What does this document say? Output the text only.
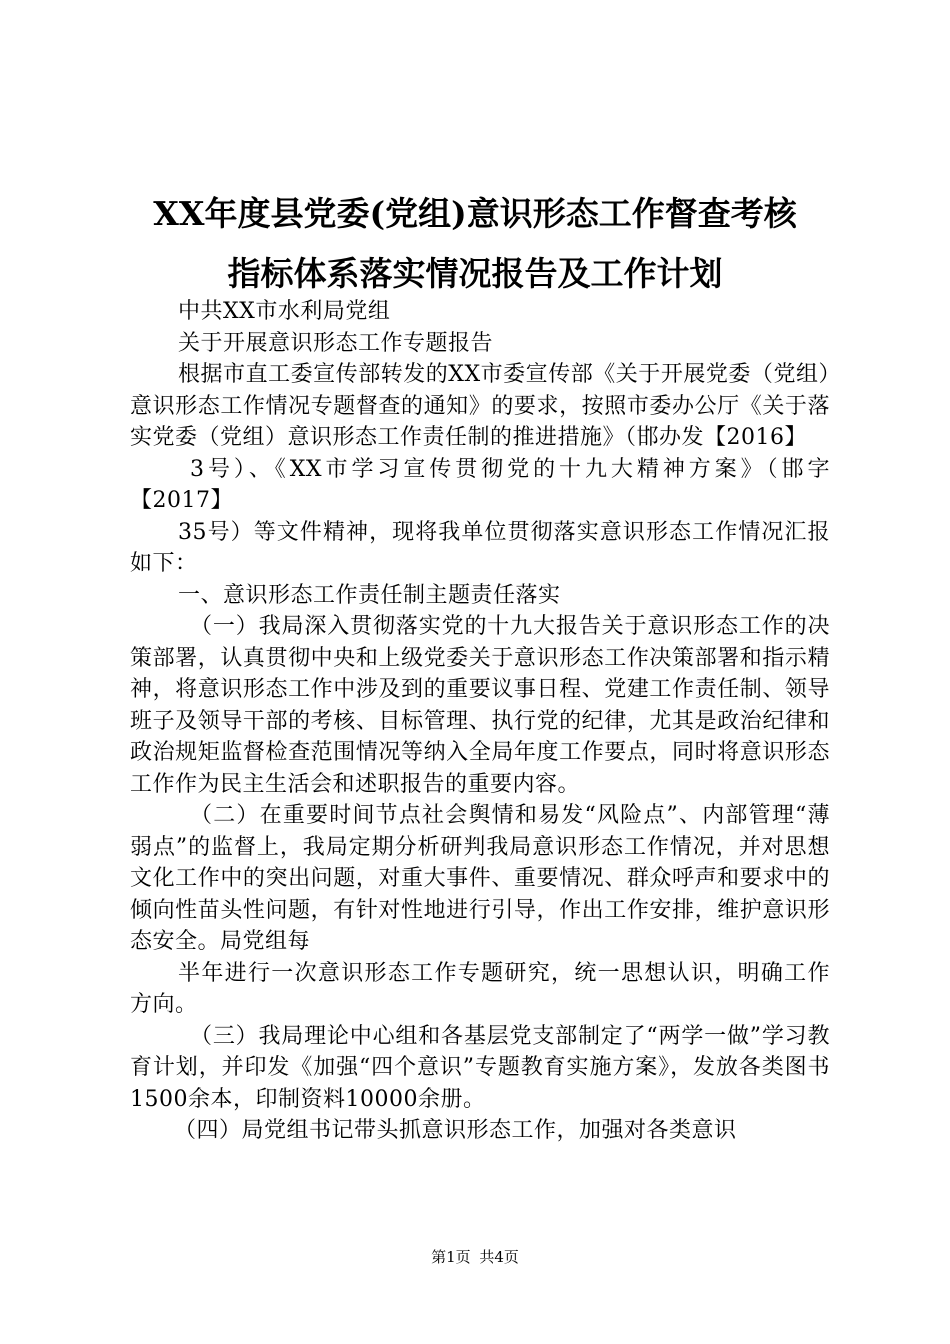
XX年度县党委(党组)意识形态工作督查考核
指标体系落实情况报告及工作计划

中共XX市水利局党组

关于开展意识形态工作专题报告

根据市直工委宣传部转发的XX市委宣传部《关于开展党委（党组）意识形态工作情况专题督查的通知》的要求，按照市委办公厅《关于落实党委（党组）意识形态工作责任制的推进措施》（邯办发【2016】

3号）、《XX市学习宣传贯彻党的十九大精神方案》（邯字【2017】

35号）等文件精神，现将我单位贯彻落实意识形态工作情况汇报如下：

一、意识形态工作责任制主题责任落实

（一）我局深入贯彻落实党的十九大报告关于意识形态工作的决策部署，认真贯彻中央和上级党委关于意识形态工作决策部署和指示精神，将意识形态工作中涉及到的重要议事日程、党建工作责任制、领导班子及领导干部的考核、目标管理、执行党的纪律，尤其是政治纪律和政治规矩监督检查范围情况等纳入全局年度工作要点，同时将意识形态工作作为民主生活会和述职报告的重要内容。

（二）在重要时间节点社会舆情和易发“风险点”、内部管理“薄弱点”的监督上，我局定期分析研判我局意识形态工作情况，并对思想文化工作中的突出问题，对重大事件、重要情况、群众呼声和要求中的倾向性苗头性问题，有针对性地进行引导，作出工作安排，维护意识形态安全。局党组每

半年进行一次意识形态工作专题研究，统一思想认识，明确工作方向。

（三）我局理论中心组和各基层党支部制定了“两学一做”学习教育计划，并印发《加强“四个意识”专题教育实施方案》，发放各类图书1500余本，印制资料10000余册。

（四）局党组书记带头抓意识形态工作，加强对各类意识

第1页 共4页
